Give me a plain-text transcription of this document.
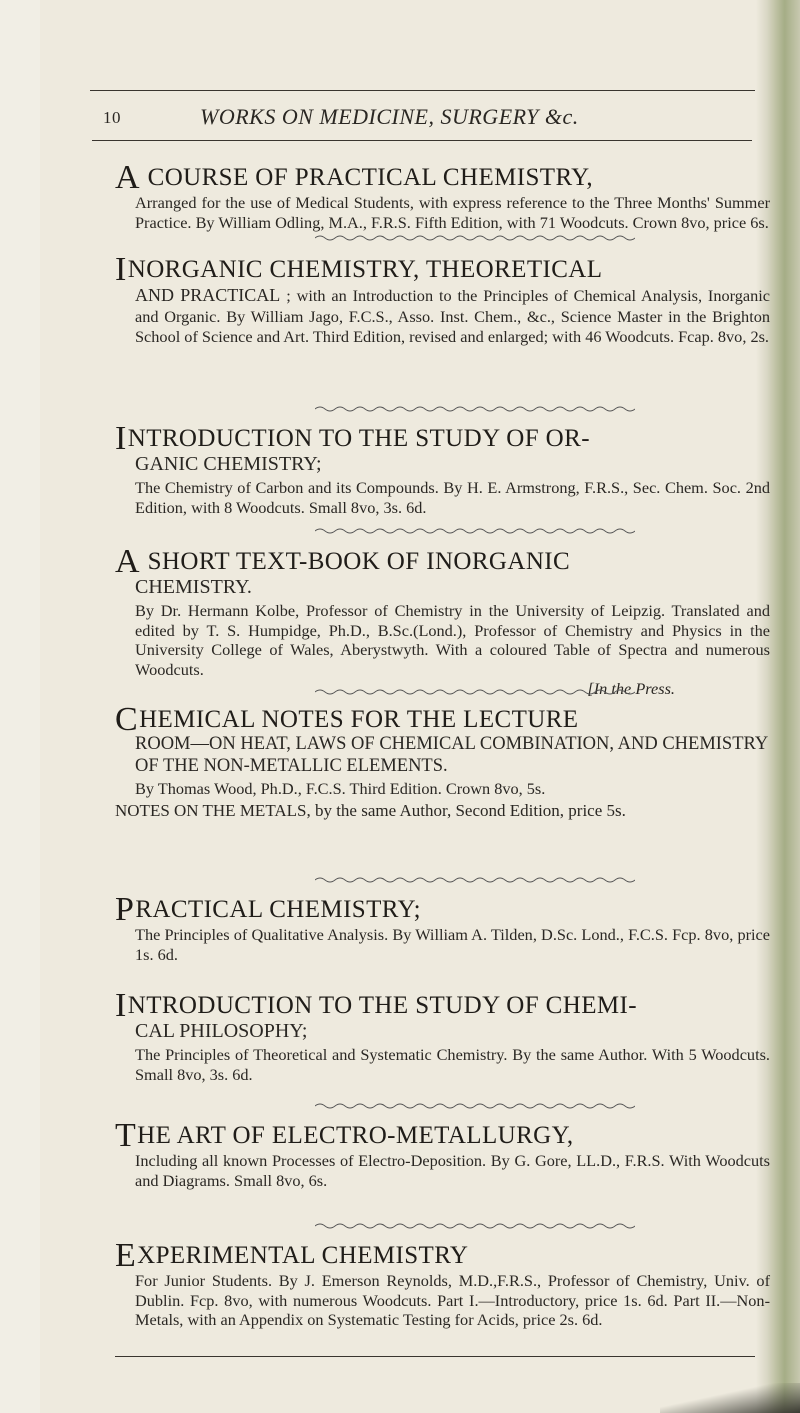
10	WORKS ON MEDICINE, SURGERY &c.

A COURSE OF PRACTICAL CHEMISTRY,

Arranged for the use of Medical Students, with express reference to the Three Months' Summer Practice. By William Odling, M.A., F.R.S. Fifth Edition, with 71 Woodcuts. Crown 8vo, price 6s.

INORGANIC CHEMISTRY, THEORETICAL

AND PRACTICAL ; with an Introduction to the Principles of Chemical Analysis, Inorganic and Organic. By William Jago, F.C.S., Asso. Inst. Chem., &c., Science Master in the Brighton School of Science and Art. Third Edition, revised and enlarged; with 46 Woodcuts. Fcap. 8vo, 2s.

INTRODUCTION TO THE STUDY OF OR-

GANIC CHEMISTRY;

The Chemistry of Carbon and its Compounds. By H. E. Armstrong, F.R.S., Sec. Chem. Soc. 2nd Edition, with 8 Woodcuts. Small 8vo, 3s. 6d.

A SHORT TEXT-BOOK OF INORGANIC

CHEMISTRY.

By Dr. Hermann Kolbe, Professor of Chemistry in the University of Leipzig. Translated and edited by T. S. Humpidge, Ph.D., B.Sc.(Lond.), Professor of Chemistry and Physics in the University College of Wales, Aberystwyth. With a coloured Table of Spectra and numerous Woodcuts.
[In the Press.

CHEMICAL NOTES FOR THE LECTURE

ROOM—ON HEAT, LAWS OF CHEMICAL COMBINATION, AND CHEMISTRY OF THE NON-METALLIC ELEMENTS.

By Thomas Wood, Ph.D., F.C.S. Third Edition. Crown 8vo, 5s.

NOTES ON THE METALS, by the same Author, Second Edition, price 5s.

PRACTICAL CHEMISTRY;

The Principles of Qualitative Analysis. By William A. Tilden, D.Sc. Lond., F.C.S. Fcp. 8vo, price 1s. 6d.

INTRODUCTION TO THE STUDY OF CHEMI-

CAL PHILOSOPHY;

The Principles of Theoretical and Systematic Chemistry. By the same Author. With 5 Woodcuts. Small 8vo, 3s. 6d.

THE ART OF ELECTRO-METALLURGY,

Including all known Processes of Electro-Deposition. By G. Gore, LL.D., F.R.S. With Woodcuts and Diagrams. Small 8vo, 6s.

EXPERIMENTAL CHEMISTRY

For Junior Students. By J. Emerson Reynolds, M.D.,F.R.S., Professor of Chemistry, Univ. of Dublin. Fcp. 8vo, with numerous Woodcuts. Part I.—Introductory, price 1s. 6d. Part II.—Non-Metals, with an Appendix on Systematic Testing for Acids, price 2s. 6d.
